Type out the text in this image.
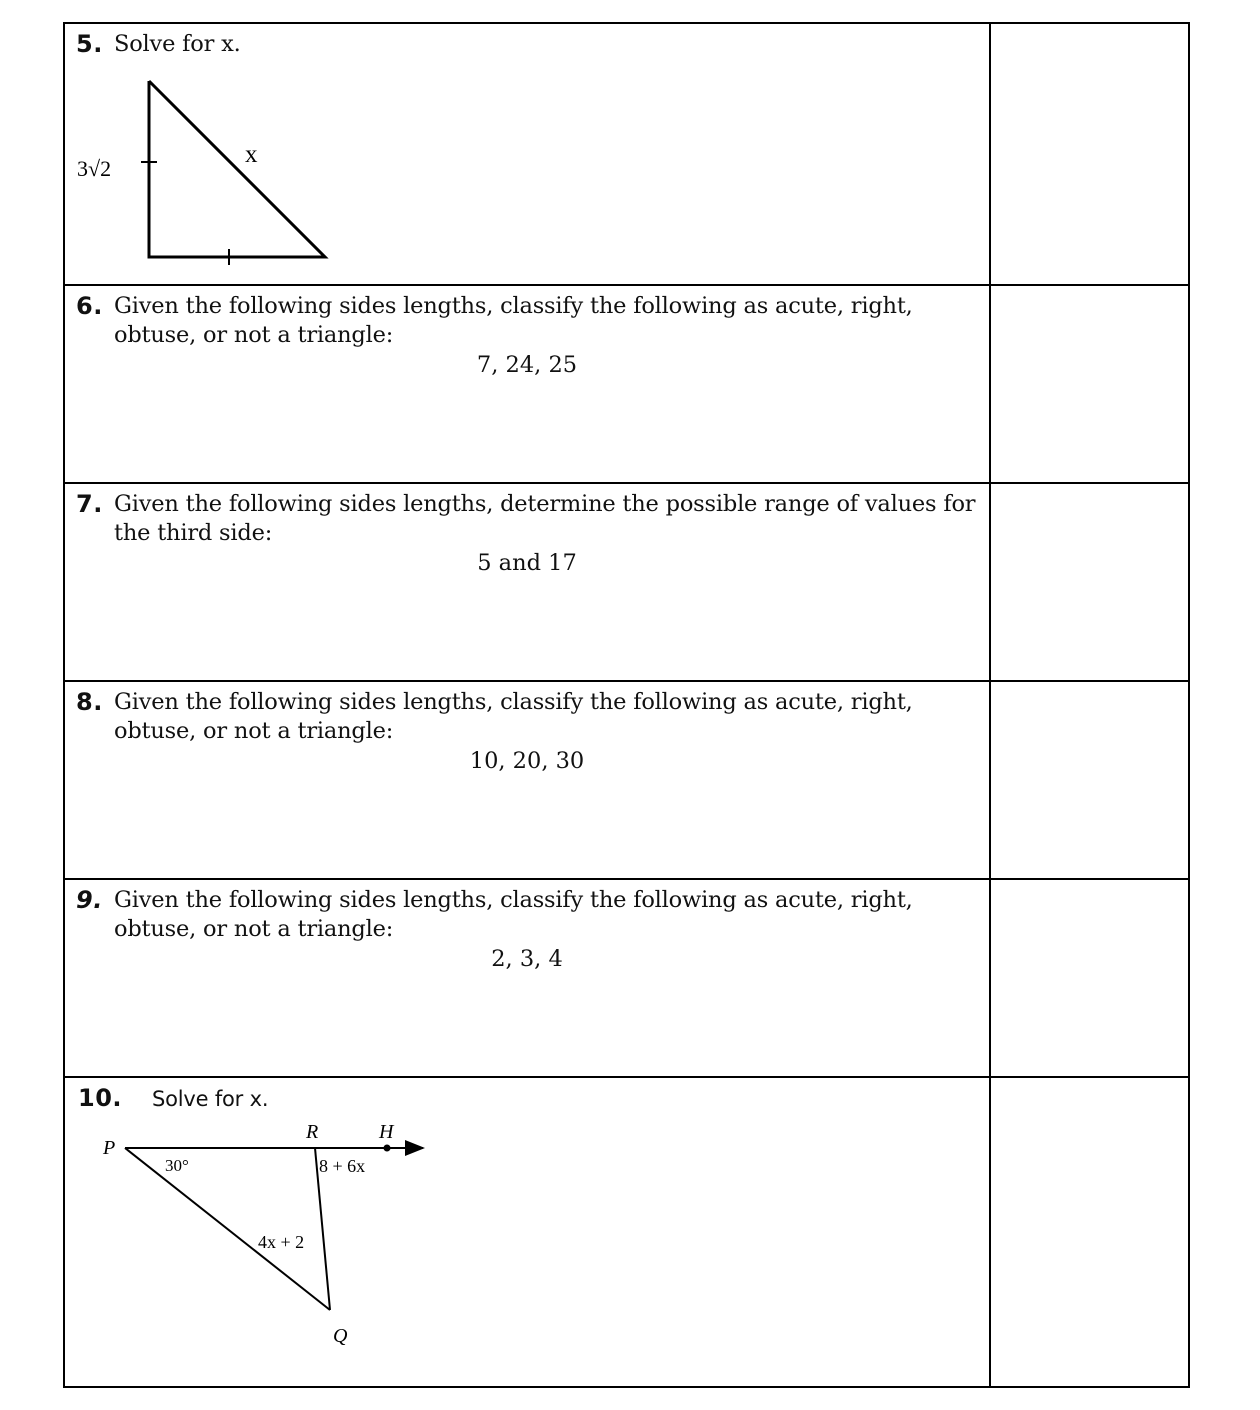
5. Solve for x.
3√2
x
6. Given the following sides lengths, classify the following as acute, right, obtuse, or not a triangle:
7, 24, 25
7. Given the following sides lengths, determine the possible range of values for the third side:
5 and 17
8. Given the following sides lengths, classify the following as acute, right, obtuse, or not a triangle:
10, 20, 30
9. Given the following sides lengths, classify the following as acute, right, obtuse, or not a triangle:
2, 3, 4
10. Solve for x.
P
R	H
Q
30°	8 + 6x
4x + 2
